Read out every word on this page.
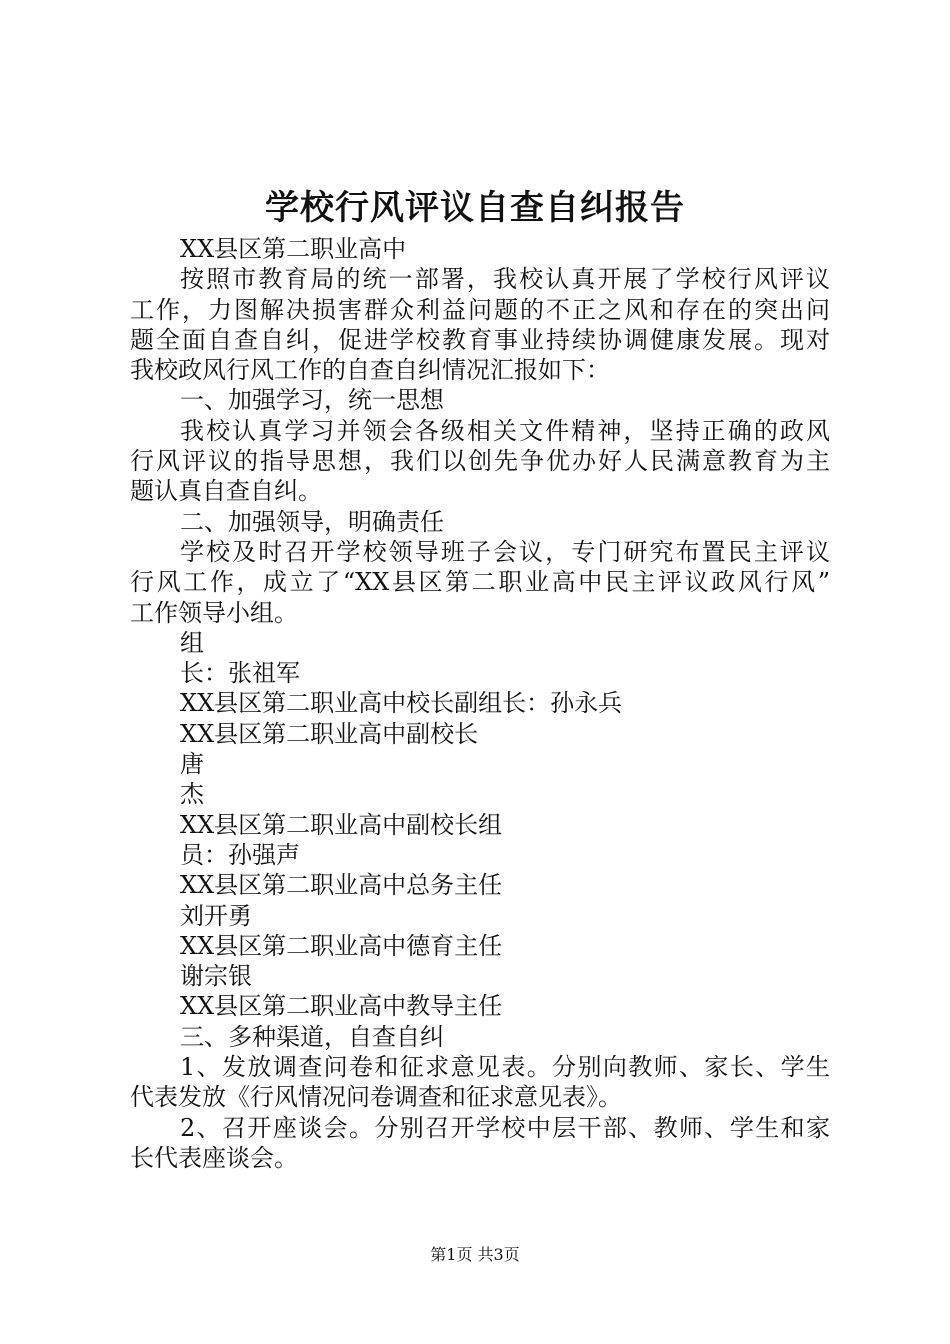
学校行风评议自查自纠报告
XX县区第二职业高中
按照市教育局的统一部署，我校认真开展了学校行风评议
工作，力图解决损害群众利益问题的不正之风和存在的突出问
题全面自查自纠，促进学校教育事业持续协调健康发展。现对
我校政风行风工作的自查自纠情况汇报如下：
一、加强学习，统一思想
我校认真学习并领会各级相关文件精神，坚持正确的政风
行风评议的指导思想，我们以创先争优办好人民满意教育为主
题认真自查自纠。
二、加强领导，明确责任
学校及时召开学校领导班子会议，专门研究布置民主评议
行风工作，成立了“XX县区第二职业高中民主评议政风行风”
工作领导小组。
组
长：张祖军
XX县区第二职业高中校长副组长：孙永兵
XX县区第二职业高中副校长
唐
杰
XX县区第二职业高中副校长组
员：孙强声
XX县区第二职业高中总务主任
刘开勇
XX县区第二职业高中德育主任
谢宗银
XX县区第二职业高中教导主任
三、多种渠道，自查自纠
1、发放调查问卷和征求意见表。分别向教师、家长、学生
代表发放《行风情况问卷调查和征求意见表》。
2、召开座谈会。分别召开学校中层干部、教师、学生和家
长代表座谈会。
第1页 共3页
